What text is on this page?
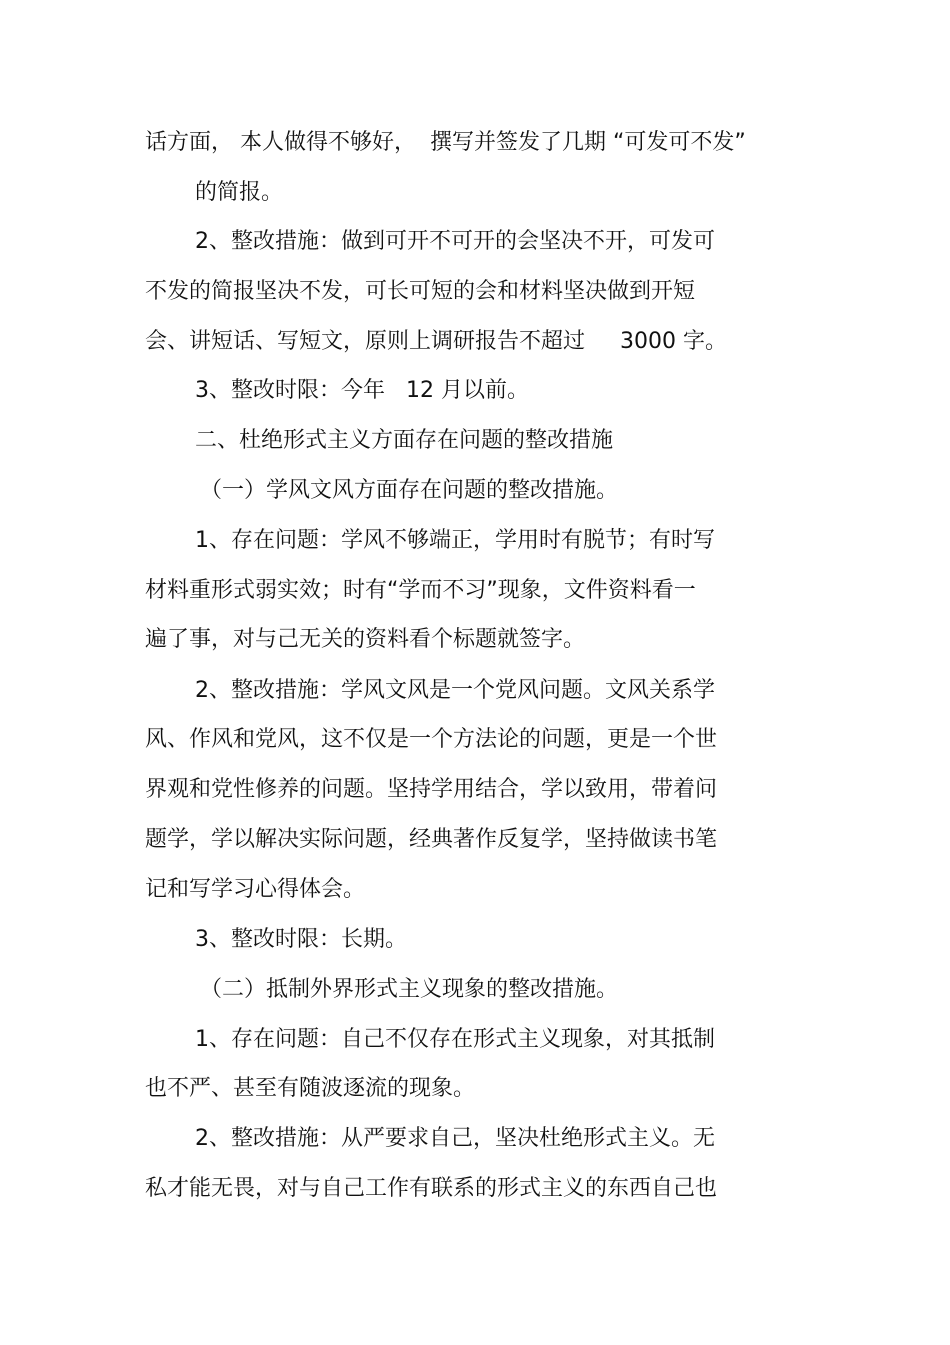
话方面， 本人做得不够好，  撰写并签发了几期 “可发可不发”
的简报。
2、整改措施：做到可开不可开的会坚决不开，可发可
不发的简报坚决不发，可长可短的会和材料坚决做到开短
会、讲短话、写短文，原则上调研报告不超过     3000 字。
3、整改时限：今年   12 月以前。
二、杜绝形式主义方面存在问题的整改措施
（一）学风文风方面存在问题的整改措施。
1、存在问题：学风不够端正，学用时有脱节；有时写
材料重形式弱实效；时有“学而不习”现象，文件资料看一
遍了事，对与己无关的资料看个标题就签字。
2、整改措施：学风文风是一个党风问题。文风关系学
风、作风和党风，这不仅是一个方法论的问题，更是一个世
界观和党性修养的问题。坚持学用结合，学以致用，带着问
题学，学以解决实际问题，经典著作反复学，坚持做读书笔
记和写学习心得体会。
3、整改时限：长期。
（二）抵制外界形式主义现象的整改措施。
1、存在问题：自己不仅存在形式主义现象，对其抵制
也不严、甚至有随波逐流的现象。
2、整改措施：从严要求自己，坚决杜绝形式主义。无
私才能无畏，对与自己工作有联系的形式主义的东西自己也
